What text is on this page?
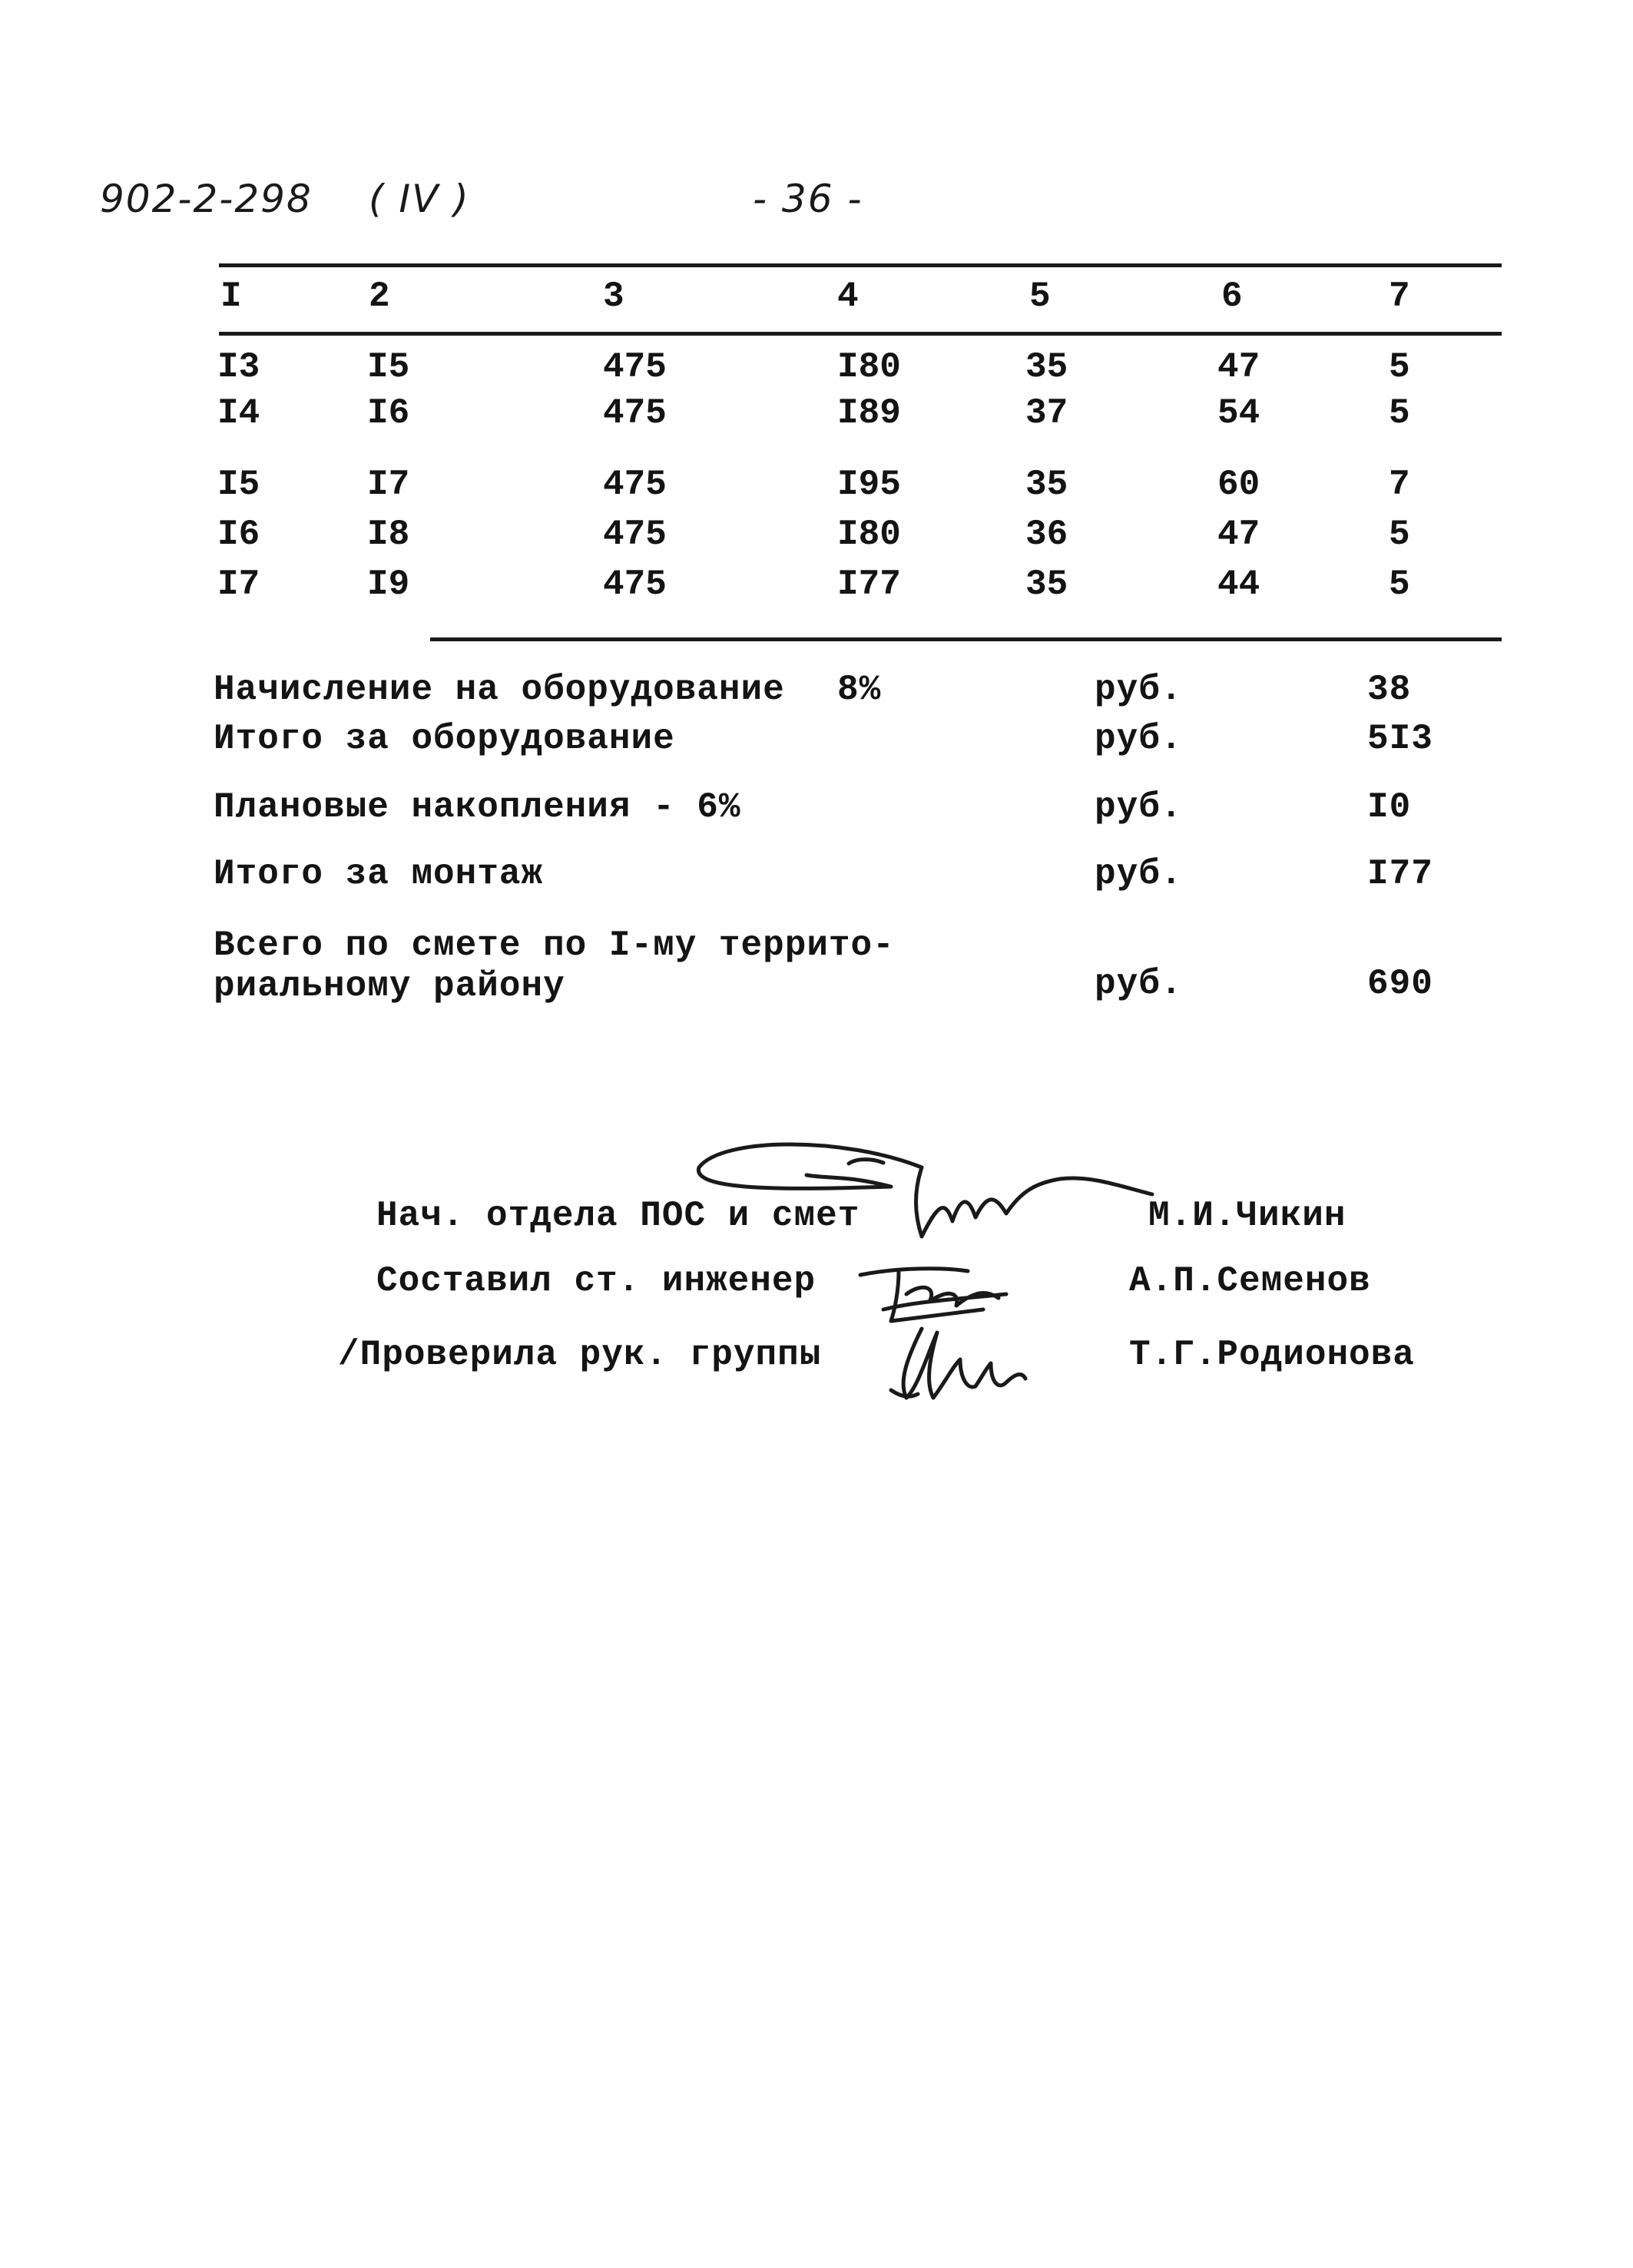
902-2-298 ( IV )	- 36 -
I	2	3	4	5	6	7
I3	I5	475	I80	35	47	5
I4	I6	475	I89	37	54	5
I5	I7	475	I95	35	60	7
I6	I8	475	I80	36	47	5
I7	I9	475	I77	35	44	5
Начисление на оборудование 8%	руб.	38
Итого за оборудование	руб.	5I3
Плановые накопления - 6%	руб.	I0
Итого за монтаж	руб.	I77
Всего по смете по I-му террито-
риальному району	руб.	690
Нач. отдела ПОС и смет	М.И.Чикин
Составил ст. инженер	А.П.Семенов
/Проверила рук. группы	Т.Г.Родионова
